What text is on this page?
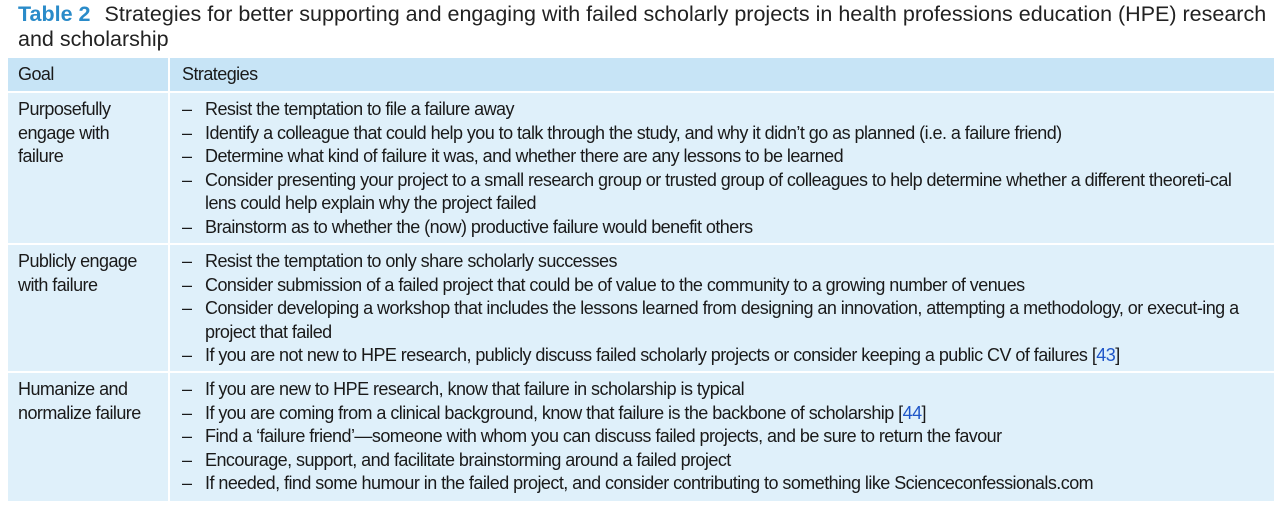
Table 2 Strategies for better supporting and engaging with failed scholarly projects in health professions education (HPE) research and scholarship
Goal	Strategies
Purposefully
engage with
failure
– Resist the temptation to file a failure away
– Identify a colleague that could help you to talk through the study, and why it didn’t go as planned (i.e. a failure friend)
– Determine what kind of failure it was, and whether there are any lessons to be learned
– Consider presenting your project to a small research group or trusted group of colleagues to help determine whether a different theoreti-cal lens could help explain why the project failed
– Brainstorm as to whether the (now) productive failure would benefit others
Publicly engage
with failure
– Resist the temptation to only share scholarly successes
– Consider submission of a failed project that could be of value to the community to a growing number of venues
– Consider developing a workshop that includes the lessons learned from designing an innovation, attempting a methodology, or execut-ing a project that failed
– If you are not new to HPE research, publicly discuss failed scholarly projects or consider keeping a public CV of failures [43]
Humanize and
normalize failure
– If you are new to HPE research, know that failure in scholarship is typical
– If you are coming from a clinical background, know that failure is the backbone of scholarship [44]
– Find a ‘failure friend’—someone with whom you can discuss failed projects, and be sure to return the favour
– Encourage, support, and facilitate brainstorming around a failed project
– If needed, find some humour in the failed project, and consider contributing to something like Scienceconfessionals.com
